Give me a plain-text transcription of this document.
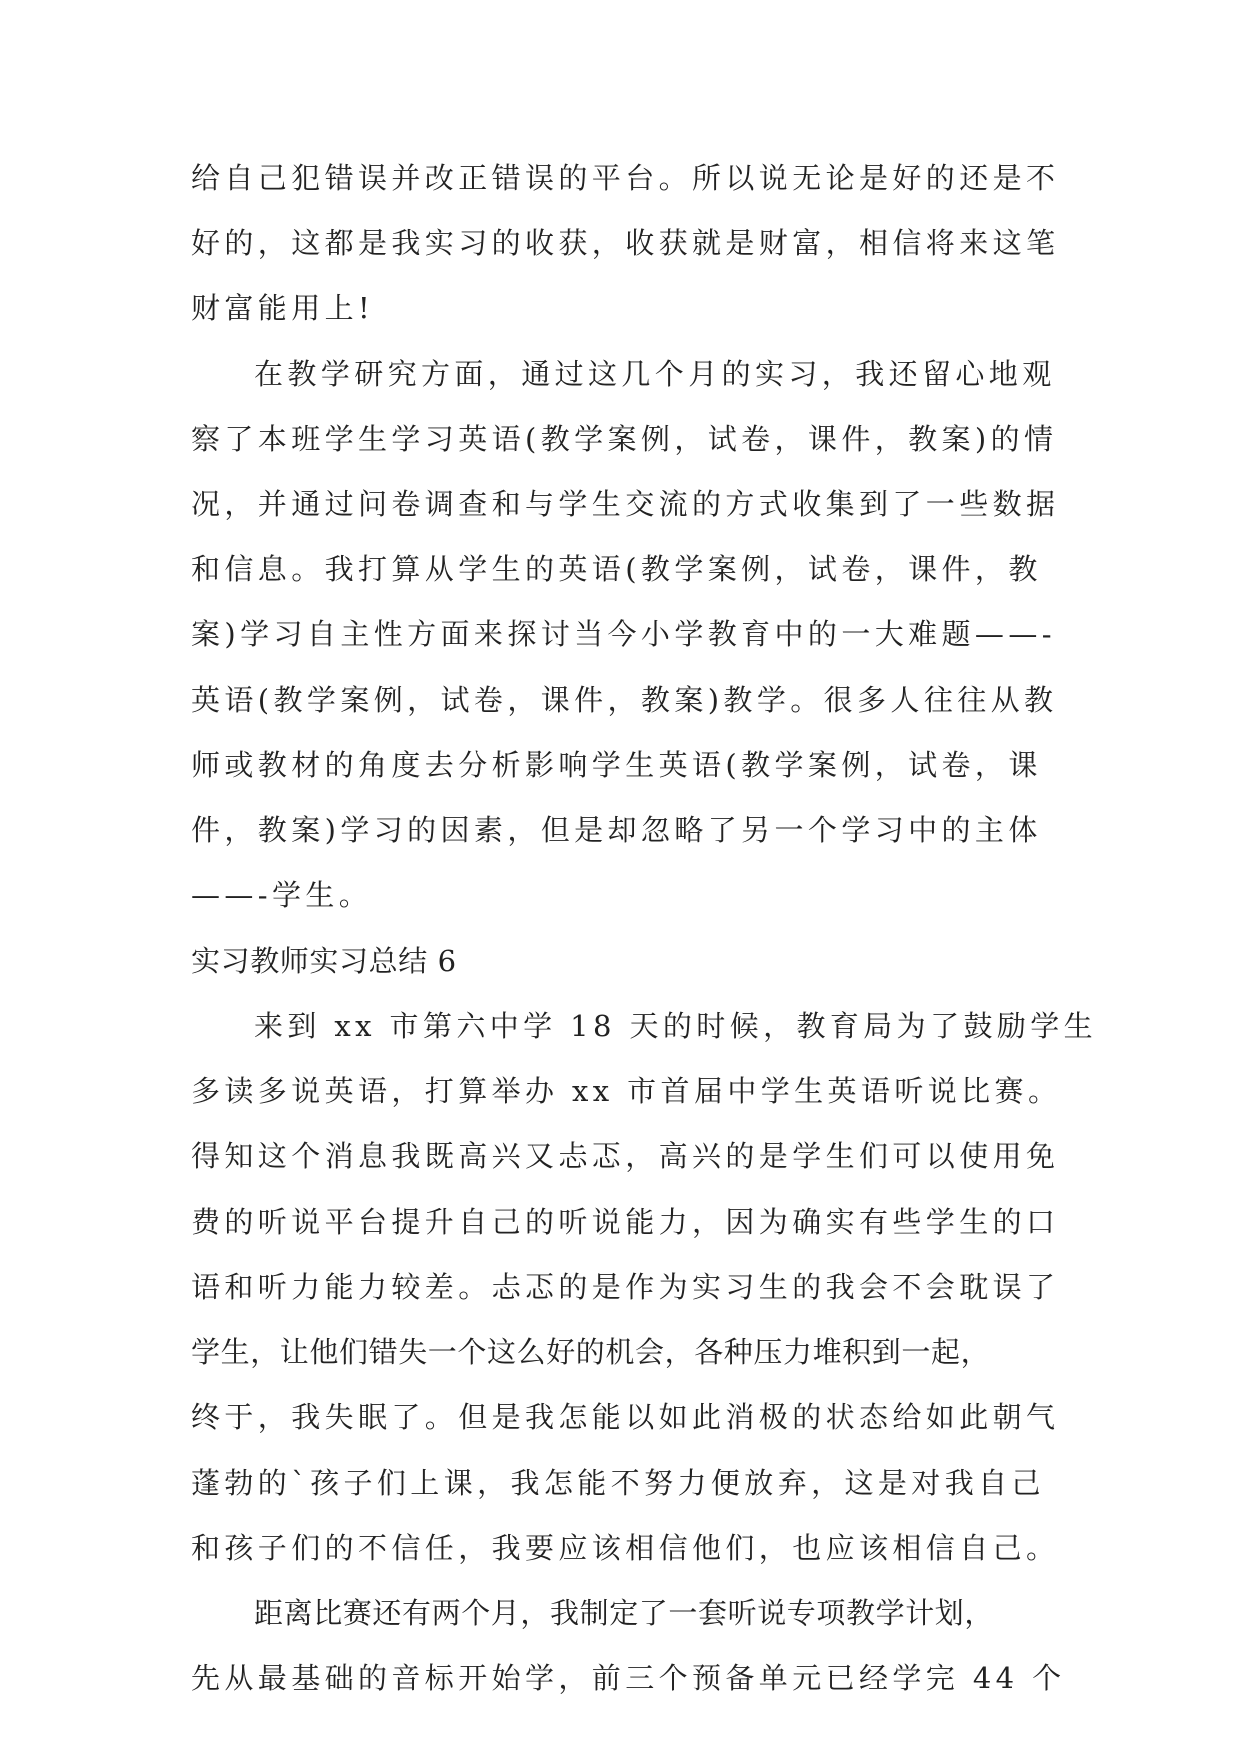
给自己犯错误并改正错误的平台。所以说无论是好的还是不
好的，这都是我实习的收获，收获就是财富，相信将来这笔
财富能用上!
在教学研究方面，通过这几个月的实习，我还留心地观
察了本班学生学习英语(教学案例，试卷，课件，教案)的情
况，并通过问卷调查和与学生交流的方式收集到了一些数据
和信息。我打算从学生的英语(教学案例，试卷，课件，教
案)学习自主性方面来探讨当今小学教育中的一大难题——-
英语(教学案例，试卷，课件，教案)教学。很多人往往从教
师或教材的角度去分析影响学生英语(教学案例，试卷，课
件，教案)学习的因素，但是却忽略了另一个学习中的主体
——-学生。
实习教师实习总结 6
来到 xx 市第六中学 18 天的时候，教育局为了鼓励学生
多读多说英语，打算举办 xx 市首届中学生英语听说比赛。
得知这个消息我既高兴又忐忑，高兴的是学生们可以使用免
费的听说平台提升自己的听说能力，因为确实有些学生的口
语和听力能力较差。忐忑的是作为实习生的我会不会耽误了
学生，让他们错失一个这么好的机会，各种压力堆积到一起，
终于，我失眠了。但是我怎能以如此消极的状态给如此朝气
蓬勃的`孩子们上课，我怎能不努力便放弃，这是对我自己
和孩子们的不信任，我要应该相信他们，也应该相信自己。
距离比赛还有两个月，我制定了一套听说专项教学计划，
先从最基础的音标开始学，前三个预备单元已经学完 44 个
